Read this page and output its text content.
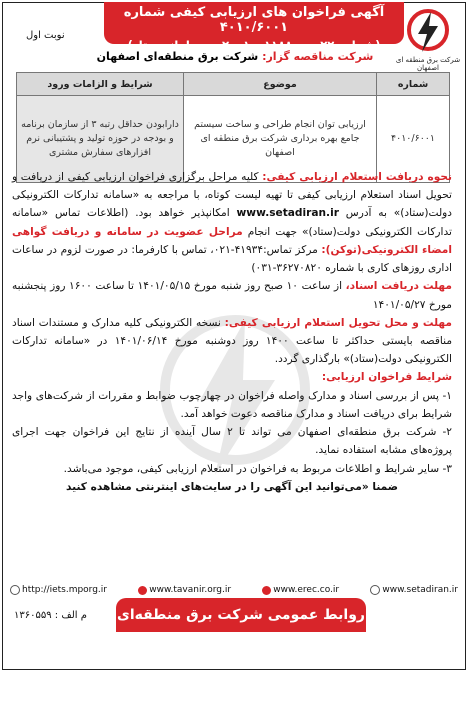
آگهی فراخوان های ارزیابی کیفی شماره ۴۰۱۰/۶۰۰۱
(شماره ۲۰۰۱۰۰۱۱۸۸۰۰۰۰۲۲ در سامانه ستاد)
شرکت برق منطقه ای اصفهان
نوبت اول
شرکت مناقصه گزار: شرکت برق منطقه‌ای اصفهان
شماره	موضوع	شرایط و الزامات ورود
۴۰۱۰/۶۰۰۱	ارزیابی توان انجام طراحی و ساخت سیستم جامع بهره برداری شرکت برق منطقه ای اصفهان	دارابودن حداقل رتبه ۳ از سازمان برنامه و بودجه در حوزه تولید و پشتیبانی نرم افزارهای سفارش مشتری

نحوه دریافت استعلام ارزیابی کیفی: کلیه مراحل برگزاری فراخوان ارزیابی کیفی از دریافت و تحویل اسناد استعلام ارزیابی کیفی تا تهیه لیست کوتاه، با مراجعه به «سامانه تدارکات الکترونیکی دولت(ستاد)» به آدرس www.setadiran.ir امکانپذیر خواهد بود. (اطلاعات تماس «سامانه تدارکات الکترونیکی دولت(ستاد)» جهت انجام مراحل عضویت در سامانه و دریافت گواهی امضاء الکترونیکی(توکن): مرکز تماس:۴۱۹۳۴-۰۲۱، تماس با کارفرما: در صورت لزوم در ساعات اداری روزهای کاری با شماره ۳۶۲۷۰۸۲۰-۰۳۱)

مهلت دریافت اسناد، از ساعت ۱۰ صبح روز شنبه مورخ ۱۴۰۱/۰۵/۱۵ تا ساعت ۱۶۰۰ روز پنجشنبه مورخ ۱۴۰۱/۰۵/۲۷

مهلت و محل تحویل استعلام ارزیابی کیفی: نسخه الکترونیکی کلیه مدارک و مستندات اسناد مناقصه بایستی حداکثر تا ساعت ۱۴۰۰ روز دوشنبه مورخ ۱۴۰۱/۰۶/۱۴ در «سامانه تدارکات الکترونیکی دولت(ستاد)» بارگذاری گردد.

شرایط فراخوان ارزیابی:

۱- پس از بررسی اسناد و مدارک واصله فراخوان در چهارچوب ضوابط و مقررات از شرکت‌های واجد شرایط برای دریافت اسناد و مدارک مناقصه دعوت خواهد آمد.

۲- شرکت برق منطقه‌ای اصفهان می تواند تا ۲ سال آینده از نتایج این فراخوان جهت اجرای پروژه‌های مشابه استفاده نماید.

۳- سایر شرایط و اطلاعات مربوط به فراخوان در استعلام ارزیابی کیفی، موجود می‌باشد.

ضمنا «می‌توانید این آگهی را در سایت‌های اینترنتی مشاهده کنید

http://iets.mporg.ir	www.tavanir.org.ir	www.erec.co.ir	www.setadiran.ir
م الف : ۱۳۶۰۵۵۹ روابط عمومی شرکت برق منطقه‌ای اصفهان
